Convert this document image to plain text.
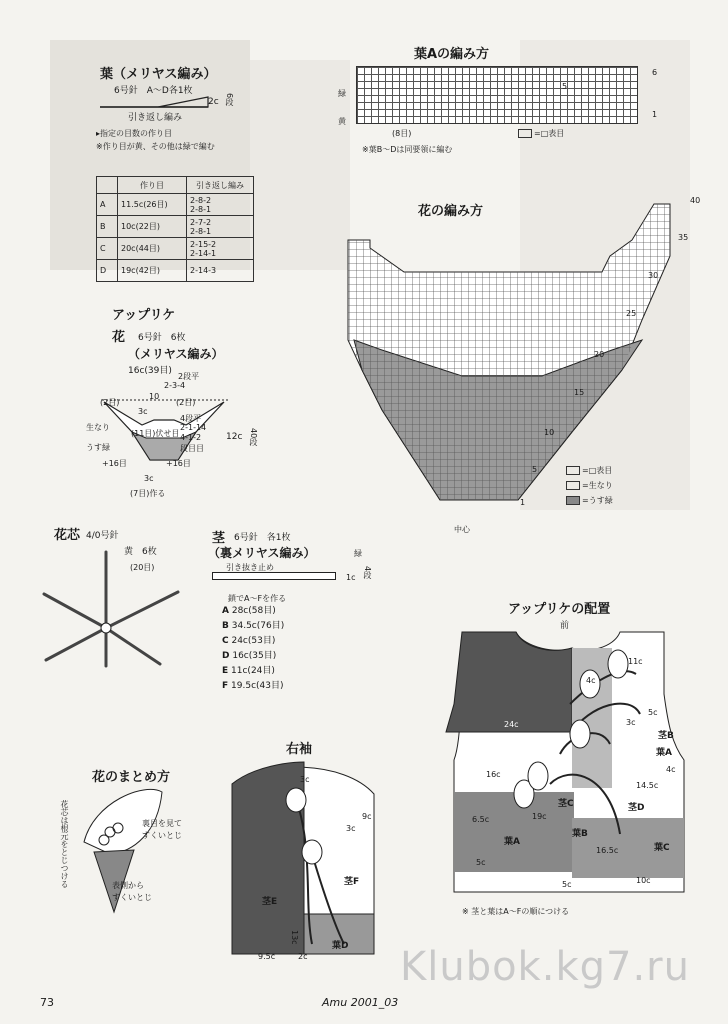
葉（メリヤス編み）
6号針　A〜D各1枚
2c 6段
引き返し編み
▸指定の目数の作り目
※作り目が黄、その他は緑で編む
	作り目	引き返し編み
A	11.5c(26目)	2-8-2
2-8-1
B	10c(22目)	2-7-2
2-8-1
C	20c(44目)	2-15-2
2-14-1
D	19c(42目)	2-14-3
アップリケ
花 6号針　6枚
（メリヤス編み）
16c(39目)
2段平
2-3-4
(2目)
10
(2目)
3c
(11目)伏せ目
4段平
2-1-14
4-1-2
段目目
+16目	+16目
3c
(7目)作る
生なり
うす緑
12c 40段
葉Aの編み方
緑
黄
(8目)
6
5
1
=□表目
※葉B〜Dは同要領に編む
花の編み方
40
35
30
25
20
15
10
5
1
中心
=□表目
=生なり
=うす緑
花芯 4/0号針
黄　6枚
(20目)
茎 6号針　各1枚
（裏メリヤス編み）	緑
引き抜き止め
1c 4段
鎖でA〜Fを作る
A 28c(58目)
B 34.5c(76目)
C 24c(53目)
D 16c(35目)
E 11c(24目)
F 19.5c(43目)
花のまとめ方
花芯は根元をとじつける	裏目を見て
すくいとじ
表側から
すくいとじ
右袖
3c
9c
3c
茎F
茎E
葉D
13c
9.5c	2c
アップリケの配置
前
11c
4c
5c
3c
24c
16c
6.5c	19c
14.5c
4c
16.5c
5c
5c	10c
茎B
葉A
茎C	茎D
葉B
葉A
葉C
※ 茎と葉はA〜Fの順につける
Klubok.kg7.ru
73	Amu 2001_03
